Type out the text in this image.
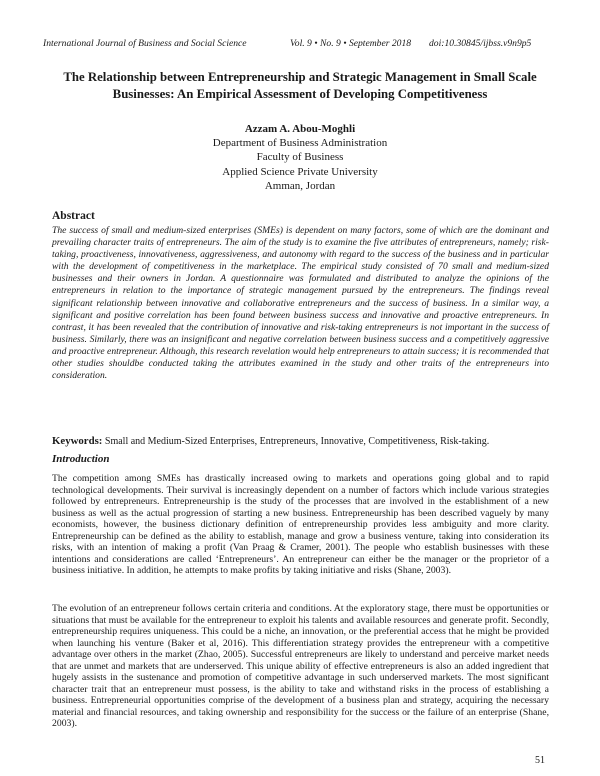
International Journal of Business and Social Science	Vol. 9 • No. 9 • September 2018 doi:10.30845/ijbss.v9n9p5
The Relationship between Entrepreneurship and Strategic Management in Small Scale Businesses: An Empirical Assessment of Developing Competitiveness
Azzam A. Abou-Moghli
Department of Business Administration
Faculty of Business
Applied Science Private University
Amman, Jordan
Abstract
The success of small and medium-sized enterprises (SMEs) is dependent on many factors, some of which are the dominant and prevailing character traits of entrepreneurs. The aim of the study is to examine the five attributes of entrepreneurs, namely; risk-taking, proactiveness, innovativeness, aggressiveness, and autonomy with regard to the success of the business and in particular with the development of competitiveness in the marketplace. The empirical study consisted of 70 small and medium-sized businesses and their owners in Jordan. A questionnaire was formulated and distributed to analyze the opinions of the entrepreneurs in relation to the importance of strategic management pursued by the entrepreneurs. The findings reveal significant relationship between innovative and collaborative entrepreneurs and the success of business. In a similar way, a significant and positive correlation has been found between business success and innovative and proactive entrepreneurs. In contrast, it has been revealed that the contribution of innovative and risk-taking entrepreneurs is not important in the success of business. Similarly, there was an insignificant and negative correlation between business success and a competitively aggressive and proactive entrepreneur. Although, this research revelation would help entrepreneurs to attain success; it is recommended that other studies shouldbe conducted taking the attributes examined in the study and other traits of the entrepreneurs into consideration.
Keywords: Small and Medium-Sized Enterprises, Entrepreneurs, Innovative, Competitiveness, Risk-taking.
Introduction
The competition among SMEs has drastically increased owing to markets and operations going global and to rapid technological developments. Their survival is increasingly dependent on a number of factors which include various strategies followed by entrepreneurs. Entrepreneurship is the study of the processes that are involved in the establishment of a new business as well as the actual progression of starting a new business. Entrepreneurship has been described vaguely by many economists, however, the business dictionary definition of entrepreneurship provides less ambiguity and more clarity. Entrepreneurship can be defined as the ability to establish, manage and grow a business venture, taking into consideration its risks, with an intention of making a profit (Van Praag & Cramer, 2001). The people who establish businesses with these intentions and considerations are called ‘Entrepreneurs’. An entrepreneur can either be the manager or the proprietor of a business initiative. In addition, he attempts to make profits by taking initiative and risks (Shane, 2003).
The evolution of an entrepreneur follows certain criteria and conditions. At the exploratory stage, there must be opportunities or situations that must be available for the entrepreneur to exploit his talents and available resources and generate profit. Secondly, entrepreneurship requires uniqueness. This could be a niche, an innovation, or the preferential access that he might be provided when launching his venture (Baker et al, 2016). This differentiation strategy provides the entrepreneur with a competitive advantage over others in the market (Zhao, 2005). Successful entrepreneurs are likely to understand and perceive market needs that are unmet and markets that are underserved. This unique ability of effective entrepreneurs is also an added ingredient that hugely assists in the sustenance and promotion of competitive advantage in such underserved markets. The most significant character trait that an entrepreneur must possess, is the ability to take and withstand risks in the process of establishing a business. Entrepreneurial opportunities comprise of the development of a business plan and strategy, acquiring the necessary material and financial resources, and taking ownership and responsibility for the success or the failure of an enterprise (Shane, 2003).
51
